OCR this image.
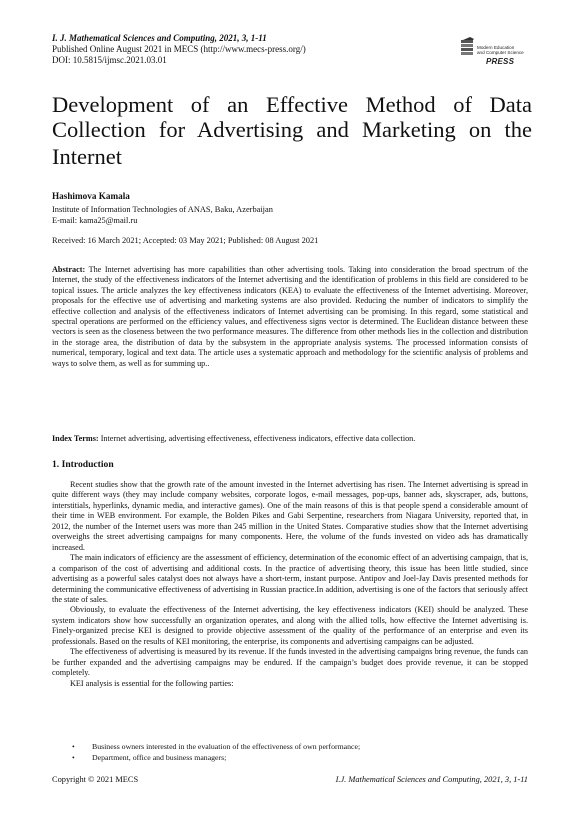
I. J. Mathematical Sciences and Computing, 2021, 3, 1-11
Published Online August 2021 in MECS (http://www.mecs-press.org/)
DOI: 10.5815/ijmsc.2021.03.01
Modern Education
and Computer Science
PRESS
Development of an Effective Method of Data
Collection for Advertising and Marketing on the
Internet
Hashimova Kamala
Institute of Information Technologies of ANAS, Baku, Azerbaijan
E-mail: kama25@mail.ru
Received: 16 March 2021; Accepted: 03 May 2021; Published: 08 August 2021
Abstract: The Internet advertising has more capabilities than other advertising tools. Taking into consideration the broad spectrum of the Internet, the study of the effectiveness indicators of the Internet advertising and the identification of problems in this field are considered to be topical issues. The article analyzes the key effectiveness indicators (KEA) to evaluate the effectiveness of the Internet advertising. Moreover, proposals for the effective use of advertising and marketing systems are also provided. Reducing the number of indicators to simplify the effective collection and analysis of the effectiveness indicators of Internet advertising can be promising. In this regard, some statistical and spectral operations are performed on the efficiency values, and effectiveness signs vector is determined. The Euclidean distance between these vectors is seen as the closeness between the two performance measures. The difference from other methods lies in the collection and distribution in the storage area, the distribution of data by the subsystem in the appropriate analysis systems. The processed information consists of numerical, temporary, logical and text data. The article uses a systematic approach and methodology for the scientific analysis of problems and ways to solve them, as well as for summing up..
Index Terms: Internet advertising, advertising effectiveness, effectiveness indicators, effective data collection.
1. Introduction

Recent studies show that the growth rate of the amount invested in the Internet advertising has risen. The Internet advertising is spread in quite different ways (they may include company websites, corporate logos, e-mail messages, pop-ups, banner ads, skyscraper, ads, buttons, interstitials, hyperlinks, dynamic media, and interactive games). One of the main reasons of this is that people spend a considerable amount of their time in WEB environment. For example, the Bolden Pikes and Gabi Serpentine, researchers from Niagara University, reported that, in 2012, the number of the Internet users was more than 245 million in the United States. Comparative studies show that the Internet advertising overweighs the street advertising campaigns for many components. Here, the volume of the funds invested on video ads has dramatically increased.

The main indicators of efficiency are the assessment of efficiency, determination of the economic effect of an advertising campaign, that is, a comparison of the cost of advertising and additional costs. In the practice of advertising theory, this issue has been little studied, since advertising as a powerful sales catalyst does not always have a short-term, instant purpose. Antipov and Joel-Jay Davis presented methods for determining the communicative effectiveness of advertising in Russian practice.In addition, advertising is one of the factors that seriously affect the state of sales.

Obviously, to evaluate the effectiveness of the Internet advertising, the key effectiveness indicators (KEI) should be analyzed. These system indicators show how successfully an organization operates, and along with the allied tolls, how effective the Internet advertising is. Finely-organized precise KEI is designed to provide objective assessment of the quality of the performance of an enterprise and even its professionals. Based on the results of KEI monitoring, the enterprise, its components and advertising campaigns can be adjusted.

The effectiveness of advertising is measured by its revenue. If the funds invested in the advertising campaigns bring revenue, the funds can be further expanded and the advertising campaigns may be endured. If the campaign’s budget does provide revenue, it can be stopped completely.

KEI analysis is essential for the following parties:

• Business owners interested in the evaluation of the effectiveness of own performance;
• Department, office and business managers;
Copyright © 2021 MECS	I.J. Mathematical Sciences and Computing, 2021, 3, 1-11
